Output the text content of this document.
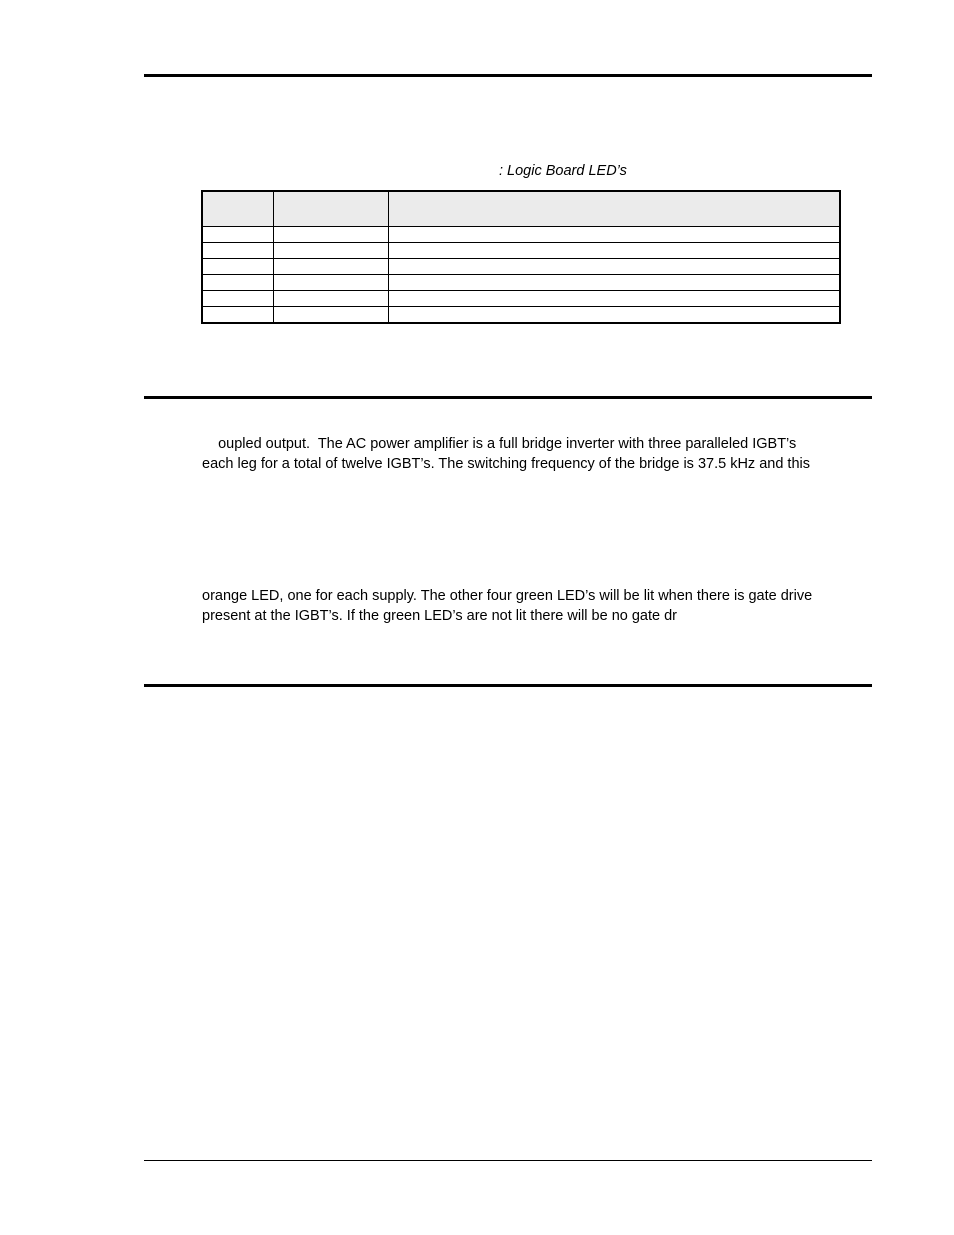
: Logic Board LED’s

oupled output.  The AC power amplifier is a full bridge inverter with three paralleled IGBT’s
each leg for a total of twelve IGBT’s. The switching frequency of the bridge is 37.5 kHz and this
orange LED, one for each supply. The other four green LED’s will be lit when there is gate drive
present at the IGBT’s. If the green LED’s are not lit there will be no gate dr
